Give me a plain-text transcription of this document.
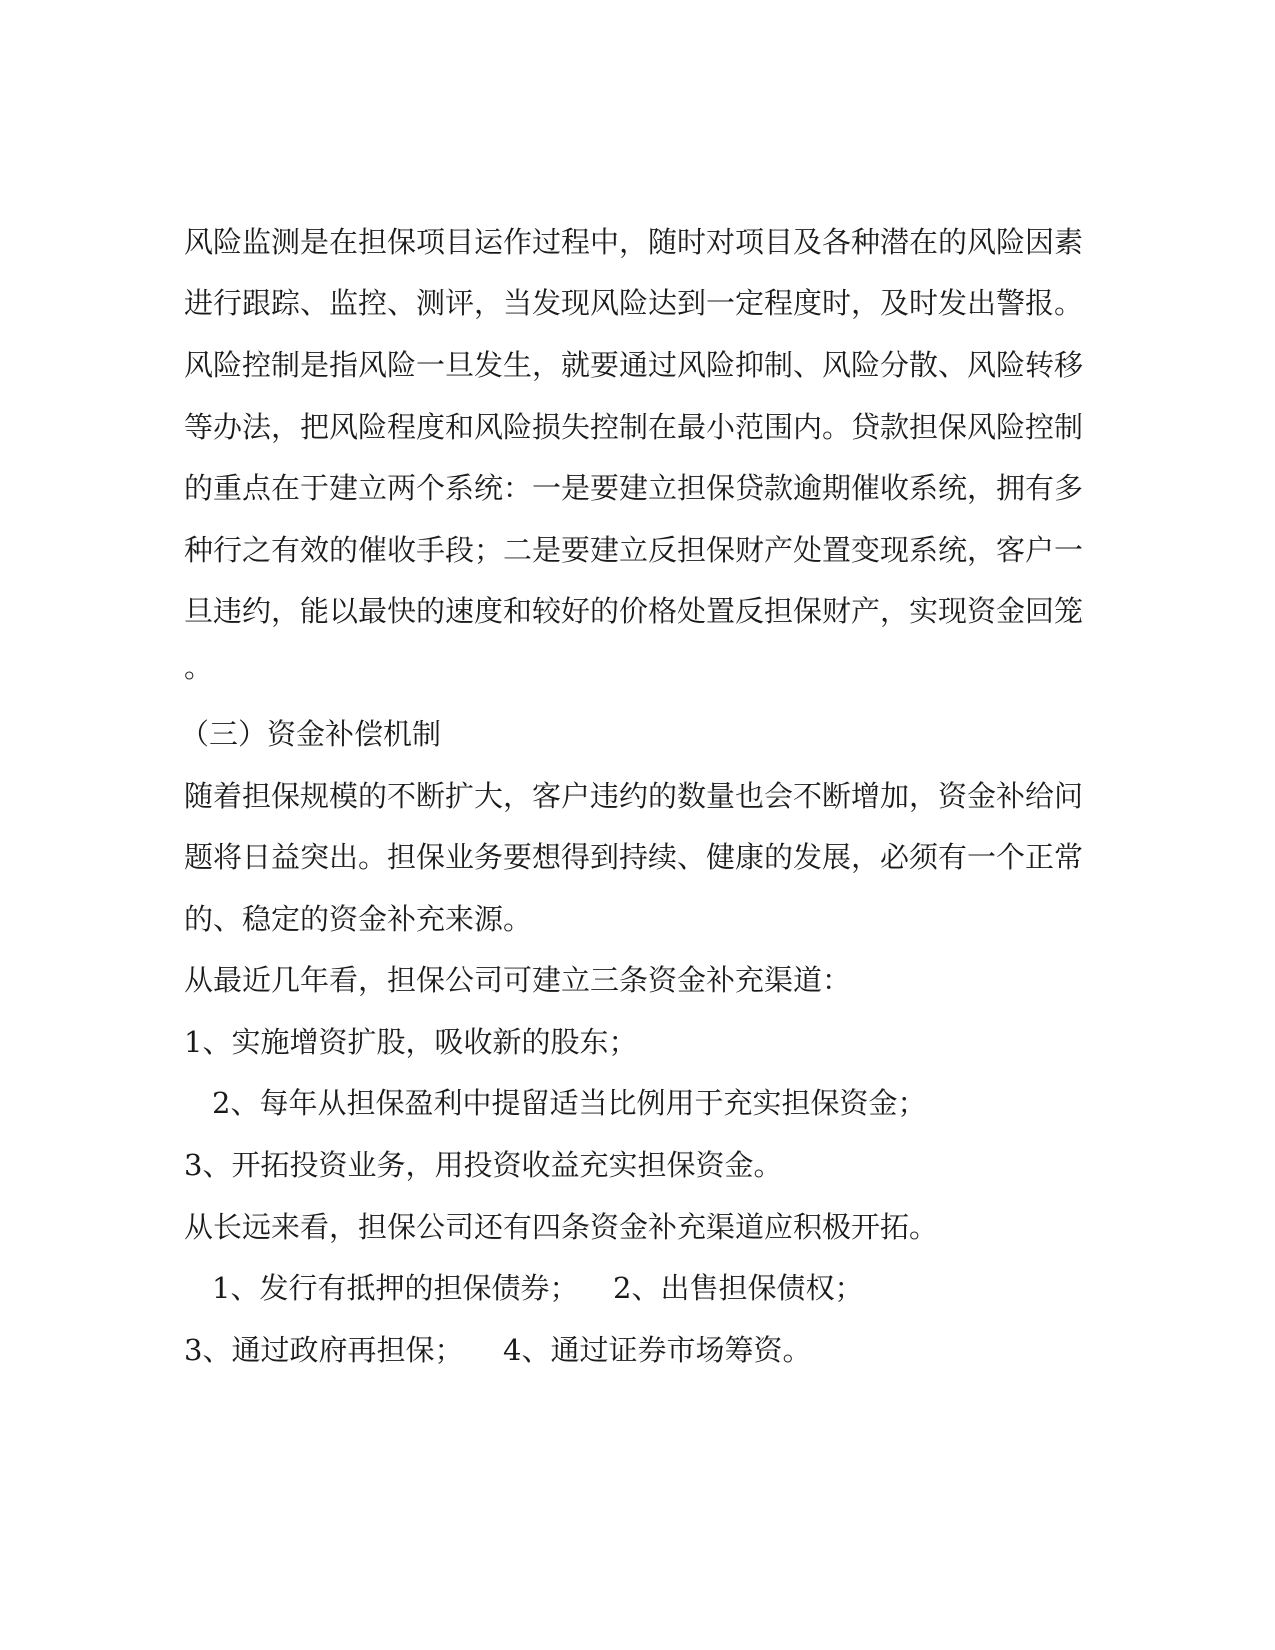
风险监测是在担保项目运作过程中，随时对项目及各种潜在的风险因素
进行跟踪、监控、测评，当发现风险达到一定程度时，及时发出警报。
风险控制是指风险一旦发生，就要通过风险抑制、风险分散、风险转移
等办法，把风险程度和风险损失控制在最小范围内。贷款担保风险控制
的重点在于建立两个系统：一是要建立担保贷款逾期催收系统，拥有多
种行之有效的催收手段；二是要建立反担保财产处置变现系统，客户一
旦违约，能以最快的速度和较好的价格处置反担保财产，实现资金回笼
。
（三）资金补偿机制
随着担保规模的不断扩大，客户违约的数量也会不断增加，资金补给问
题将日益突出。担保业务要想得到持续、健康的发展，必须有一个正常
的、稳定的资金补充来源。
从最近几年看，担保公司可建立三条资金补充渠道：
1、实施增资扩股，吸收新的股东；
2、每年从担保盈利中提留适当比例用于充实担保资金；
3、开拓投资业务，用投资收益充实担保资金。
从长远来看，担保公司还有四条资金补充渠道应积极开拓。
1、发行有抵押的担保债券； 2、出售担保债权；
3、通过政府再担保； 4、通过证券市场筹资。
